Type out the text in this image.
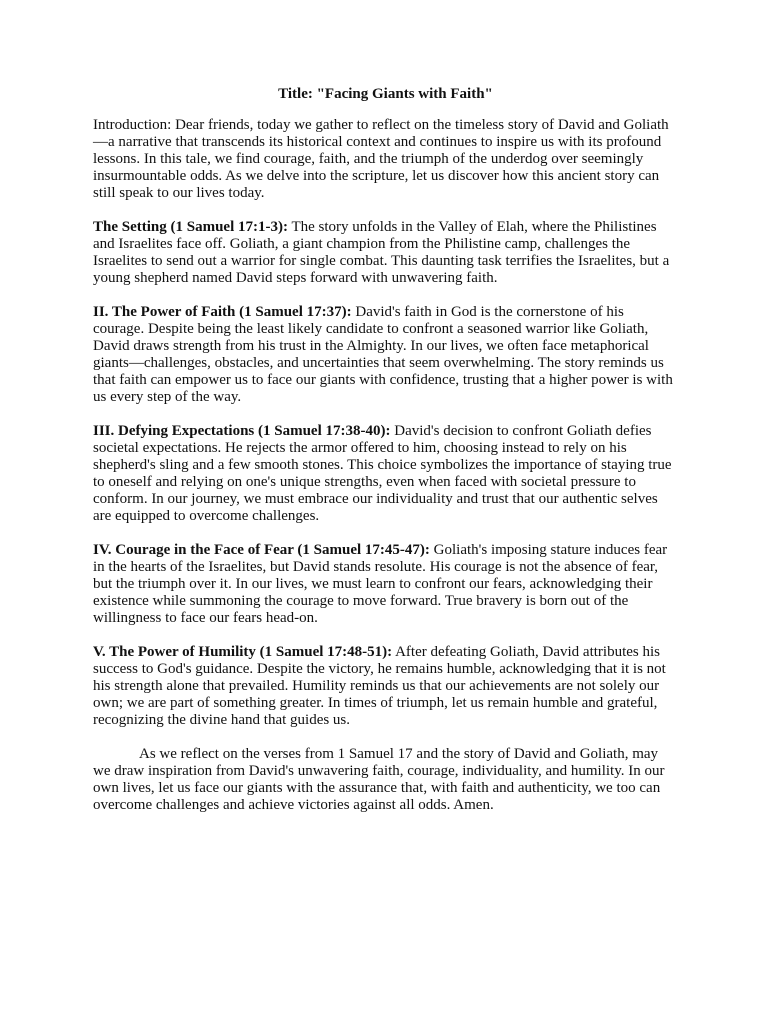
Title: "Facing Giants with Faith"

Introduction: Dear friends, today we gather to reflect on the timeless story of David and Goliath—a narrative that transcends its historical context and continues to inspire us with its profound lessons. In this tale, we find courage, faith, and the triumph of the underdog over seemingly insurmountable odds. As we delve into the scripture, let us discover how this ancient story can still speak to our lives today.

The Setting (1 Samuel 17:1-3): The story unfolds in the Valley of Elah, where the Philistines and Israelites face off. Goliath, a giant champion from the Philistine camp, challenges the Israelites to send out a warrior for single combat. This daunting task terrifies the Israelites, but a young shepherd named David steps forward with unwavering faith.

II. The Power of Faith (1 Samuel 17:37): David's faith in God is the cornerstone of his courage. Despite being the least likely candidate to confront a seasoned warrior like Goliath, David draws strength from his trust in the Almighty. In our lives, we often face metaphorical giants—challenges, obstacles, and uncertainties that seem overwhelming. The story reminds us that faith can empower us to face our giants with confidence, trusting that a higher power is with us every step of the way.

III. Defying Expectations (1 Samuel 17:38-40): David's decision to confront Goliath defies societal expectations. He rejects the armor offered to him, choosing instead to rely on his shepherd's sling and a few smooth stones. This choice symbolizes the importance of staying true to oneself and relying on one's unique strengths, even when faced with societal pressure to conform. In our journey, we must embrace our individuality and trust that our authentic selves are equipped to overcome challenges.

IV. Courage in the Face of Fear (1 Samuel 17:45-47): Goliath's imposing stature induces fear in the hearts of the Israelites, but David stands resolute. His courage is not the absence of fear, but the triumph over it. In our lives, we must learn to confront our fears, acknowledging their existence while summoning the courage to move forward. True bravery is born out of the willingness to face our fears head-on.

V. The Power of Humility (1 Samuel 17:48-51): After defeating Goliath, David attributes his success to God's guidance. Despite the victory, he remains humble, acknowledging that it is not his strength alone that prevailed. Humility reminds us that our achievements are not solely our own; we are part of something greater. In times of triumph, let us remain humble and grateful, recognizing the divine hand that guides us.

As we reflect on the verses from 1 Samuel 17 and the story of David and Goliath, may we draw inspiration from David's unwavering faith, courage, individuality, and humility. In our own lives, let us face our giants with the assurance that, with faith and authenticity, we too can overcome challenges and achieve victories against all odds. Amen.
